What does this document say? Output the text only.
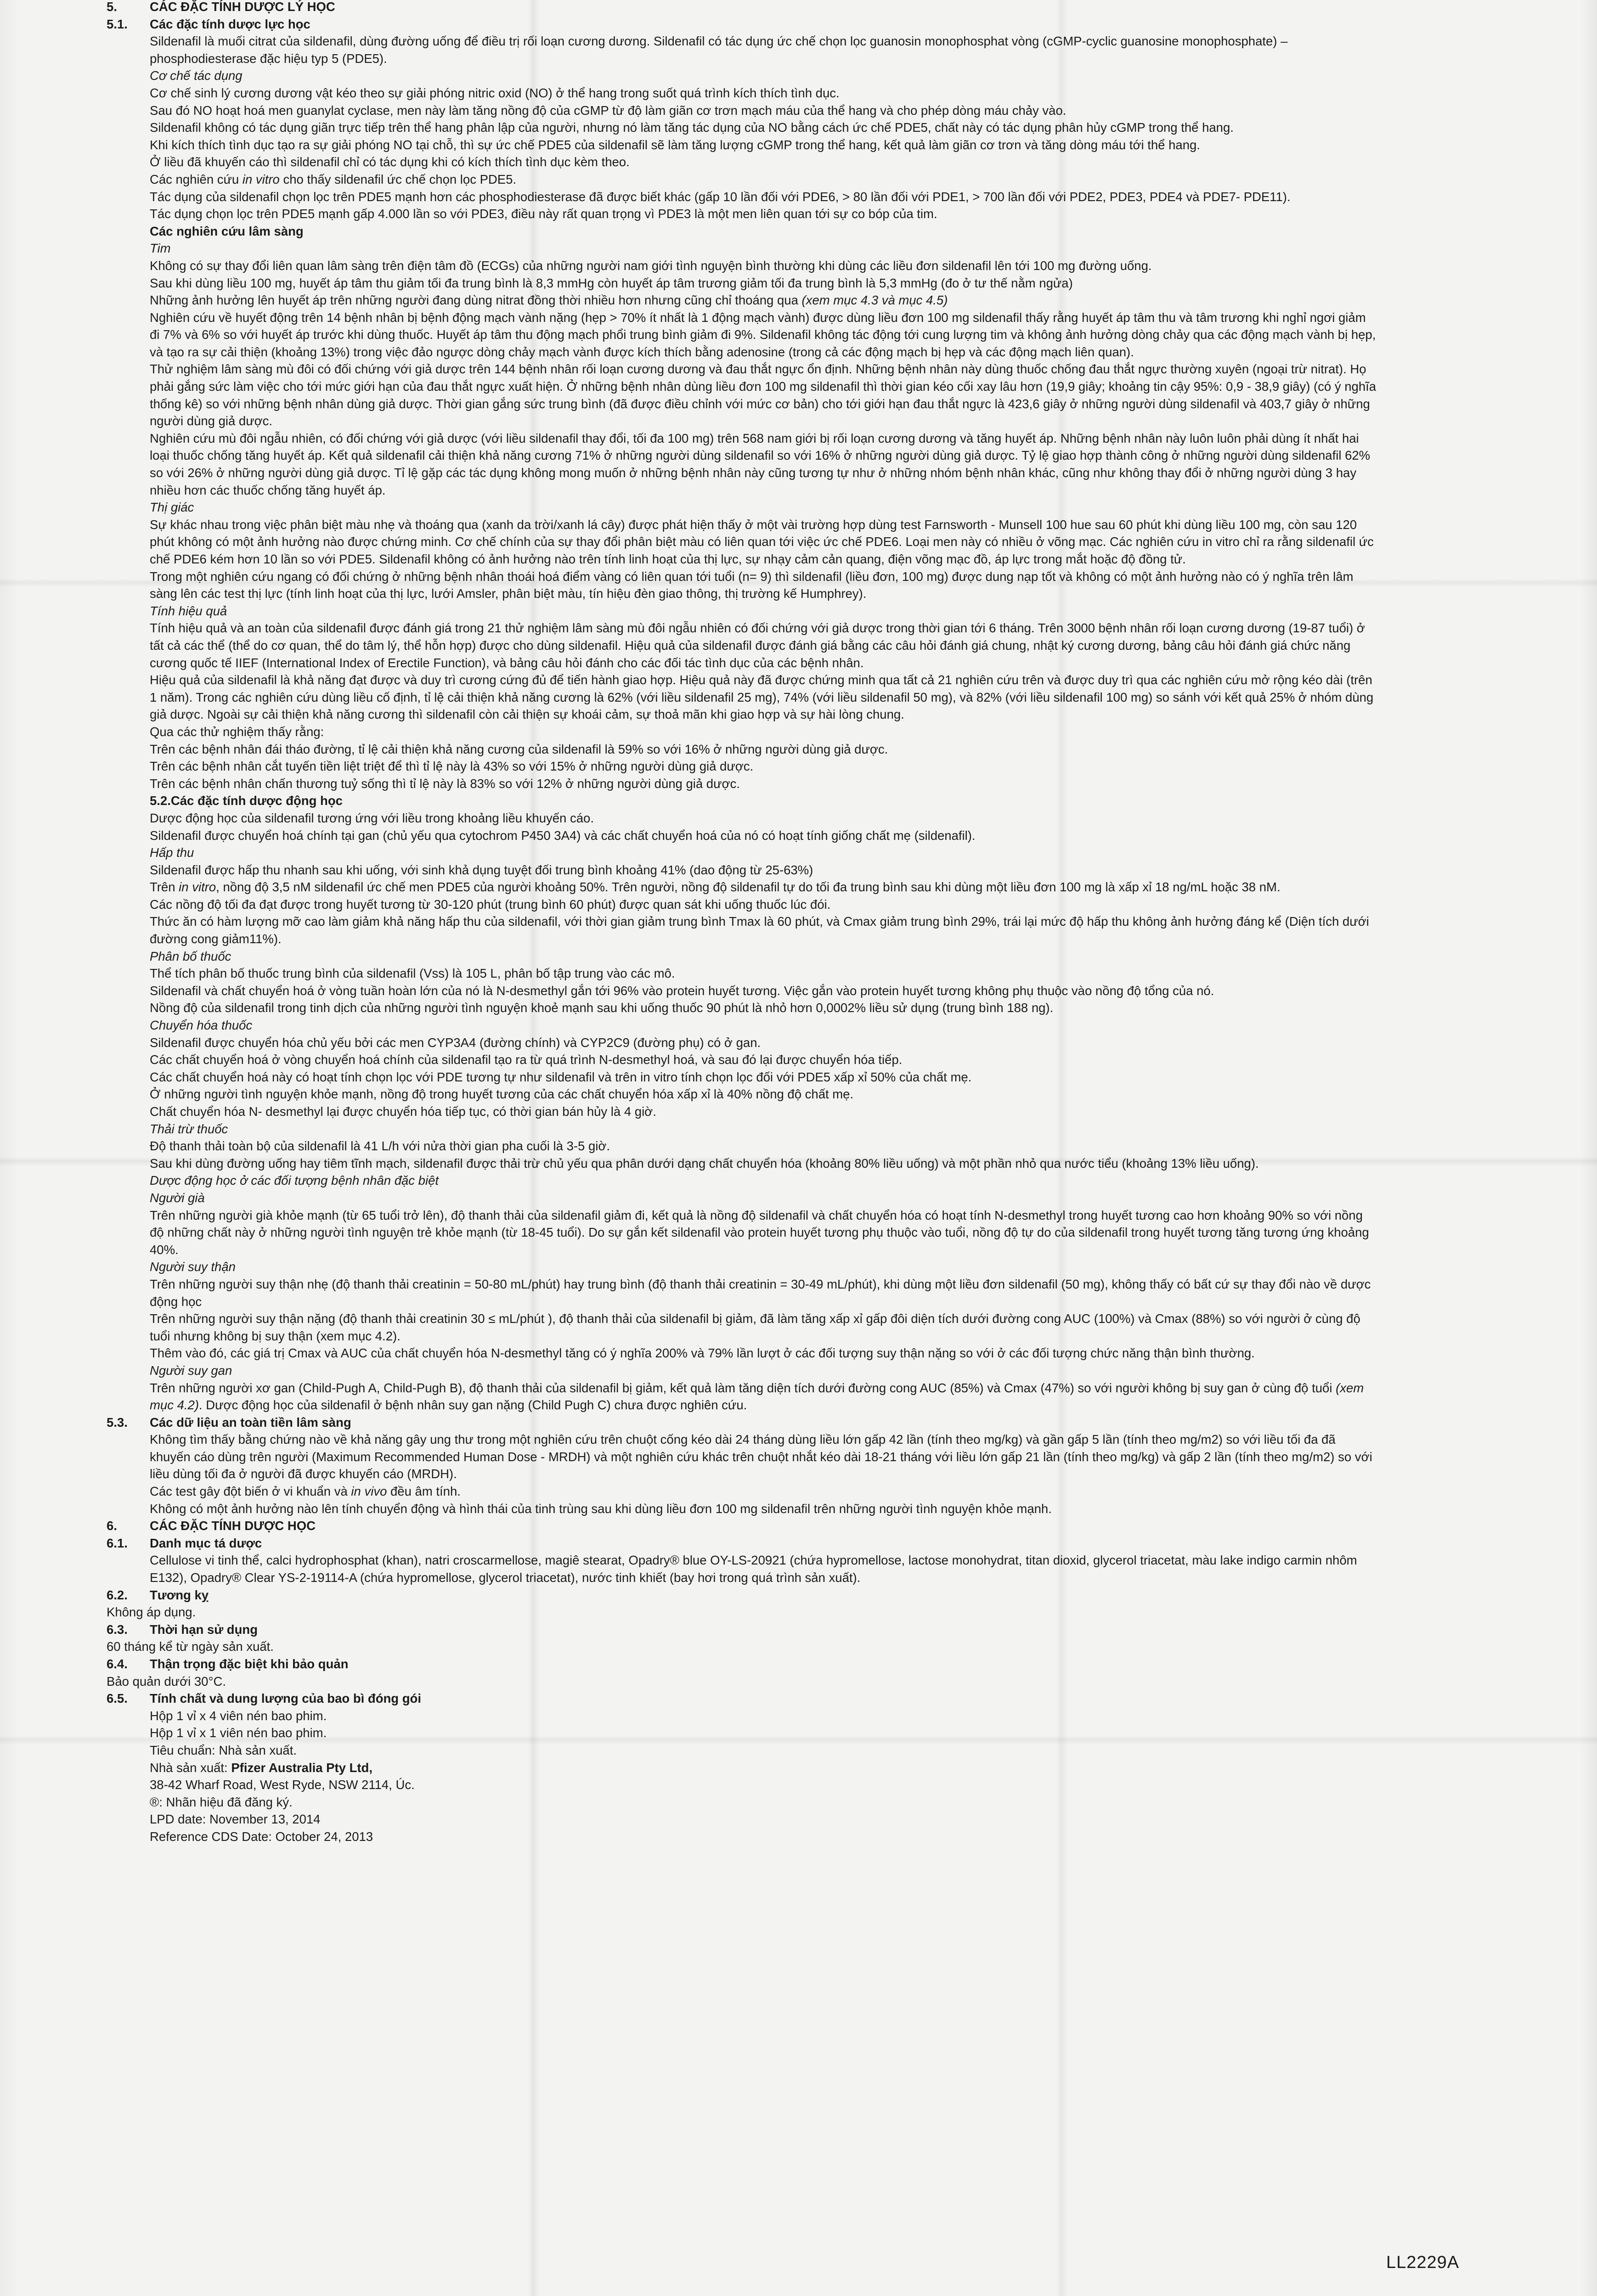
5.	CÁC ĐẶC TÍNH DƯỢC LÝ HỌC

5.1.	Các đặc tính dược lực học

Sildenafil là muối citrat của sildenafil, dùng đường uống để điều trị rối loạn cương dương. Sildenafil có tác dụng ức chế chọn lọc guanosin monophosphat vòng (cGMP-cyclic guanosine monophosphate) –

phosphodiesterase đặc hiệu typ 5 (PDE5).

Cơ chế tác dụng

Cơ chế sinh lý cương dương vật kéo theo sự giải phóng nitric oxid (NO) ở thể hang trong suốt quá trình kích thích tình dục.

Sau đó NO hoạt hoá men guanylat cyclase, men này làm tăng nồng độ của cGMP từ độ làm giãn cơ trơn mạch máu của thể hang và cho phép dòng máu chảy vào.

Sildenafil không có tác dụng giãn trực tiếp trên thể hang phân lập của người, nhưng nó làm tăng tác dụng của NO bằng cách ức chế PDE5, chất này có tác dụng phân hủy cGMP trong thể hang.

Khi kích thích tình dục tạo ra sự giải phóng NO tại chỗ, thì sự ức chế PDE5 của sildenafil sẽ làm tăng lượng cGMP trong thể hang, kết quả làm giãn cơ trơn và tăng dòng máu tới thể hang.

Ở liều đã khuyến cáo thì sildenafil chỉ có tác dụng khi có kích thích tình dục kèm theo.

Các nghiên cứu in vitro cho thấy sildenafil ức chế chọn lọc PDE5.

Tác dụng của sildenafil chọn lọc trên PDE5 mạnh hơn các phosphodiesterase đã được biết khác (gấp 10 lần đối với PDE6, > 80 lần đối với PDE1, > 700 lần đối với PDE2, PDE3, PDE4 và PDE7- PDE11).

Tác dụng chọn lọc trên PDE5 mạnh gấp 4.000 lần so với PDE3, điều này rất quan trọng vì PDE3 là một men liên quan tới sự co bóp của tim.

Các nghiên cứu lâm sàng

Tim

Không có sự thay đổi liên quan lâm sàng trên điện tâm đồ (ECGs) của những người nam giới tình nguyện bình thường khi dùng các liều đơn sildenafil lên tới 100 mg đường uống.

Sau khi dùng liều 100 mg, huyết áp tâm thu giảm tối đa trung bình là 8,3 mmHg còn huyết áp tâm trương giảm tối đa trung bình là 5,3 mmHg (đo ở tư thế nằm ngửa)

Những ảnh hưởng lên huyết áp trên những người đang dùng nitrat đồng thời nhiều hơn nhưng cũng chỉ thoáng qua (xem mục 4.3 và mục 4.5)

Nghiên cứu về huyết động trên 14 bệnh nhân bị bệnh động mạch vành nặng (hẹp > 70% ít nhất là 1 động mạch vành) được dùng liều đơn 100 mg sildenafil thấy rằng huyết áp tâm thu và tâm trương khi nghỉ ngơi giảm

đi 7% và 6% so với huyết áp trước khi dùng thuốc. Huyết áp tâm thu động mạch phổi trung bình giảm đi 9%. Sildenafil không tác động tới cung lượng tim và không ảnh hưởng dòng chảy qua các động mạch vành bị hẹp,

và tạo ra sự cải thiện (khoảng 13%) trong việc đảo ngược dòng chảy mạch vành được kích thích bằng adenosine (trong cả các động mạch bị hẹp và các động mạch liên quan).

Thử nghiệm lâm sàng mù đôi có đối chứng với giả dược trên 144 bệnh nhân rối loạn cương dương và đau thắt ngực ổn định. Những bệnh nhân này dùng thuốc chống đau thắt ngực thường xuyên (ngoại trừ nitrat). Họ

phải gắng sức làm việc cho tới mức giới hạn của đau thắt ngực xuất hiện. Ở những bệnh nhân dùng liều đơn 100 mg sildenafil thì thời gian kéo cối xay lâu hơn (19,9 giây; khoảng tin cậy 95%: 0,9 - 38,9 giây) (có ý nghĩa

thống kê) so với những bệnh nhân dùng giả dược. Thời gian gắng sức trung bình (đã được điều chỉnh với mức cơ bản) cho tới giới hạn đau thắt ngực là 423,6 giây ở những người dùng sildenafil và 403,7 giây ở những

người dùng giả dược.

Nghiên cứu mù đôi ngẫu nhiên, có đối chứng với giả dược (với liều sildenafil thay đổi, tối đa 100 mg) trên 568 nam giới bị rối loạn cương dương và tăng huyết áp. Những bệnh nhân này luôn luôn phải dùng ít nhất hai

loại thuốc chống tăng huyết áp. Kết quả sildenafil cải thiện khả năng cương 71% ở những người dùng sildenafil so với 16% ở những người dùng giả dược. Tỷ lệ giao hợp thành công ở những người dùng sildenafil 62%

so với 26% ở những người dùng giả dược. Tỉ lệ gặp các tác dụng không mong muốn ở những bệnh nhân này cũng tương tự như ở những nhóm bệnh nhân khác, cũng như không thay đổi ở những người dùng 3 hay

nhiều hơn các thuốc chống tăng huyết áp.

Thị giác

Sự khác nhau trong việc phân biệt màu nhẹ và thoáng qua (xanh da trời/xanh lá cây) được phát hiện thấy ở một vài trường hợp dùng test Farnsworth - Munsell 100 hue sau 60 phút khi dùng liều 100 mg, còn sau 120

phút không có một ảnh hưởng nào được chứng minh. Cơ chế chính của sự thay đổi phân biệt màu có liên quan tới việc ức chế PDE6. Loại men này có nhiều ở võng mạc. Các nghiên cứu in vitro chỉ ra rằng sildenafil ức

chế PDE6 kém hơn 10 lần so với PDE5. Sildenafil không có ảnh hưởng nào trên tính linh hoạt của thị lực, sự nhạy cảm cản quang, điện võng mạc đồ, áp lực trong mắt hoặc độ đồng tử.

Trong một nghiên cứu ngang có đối chứng ở những bệnh nhân thoái hoá điểm vàng có liên quan tới tuổi (n= 9) thì sildenafil (liều đơn, 100 mg) được dung nạp tốt và không có một ảnh hưởng nào có ý nghĩa trên lâm

sàng lên các test thị lực (tính linh hoạt của thị lực, lưới Amsler, phân biệt màu, tín hiệu đèn giao thông, thị trường kế Humphrey).

Tính hiệu quả

Tính hiệu quả và an toàn của sildenafil được đánh giá trong 21 thử nghiệm lâm sàng mù đôi ngẫu nhiên có đối chứng với giả dược trong thời gian tới 6 tháng. Trên 3000 bệnh nhân rối loạn cương dương (19-87 tuổi) ở

tất cả các thể (thể do cơ quan, thể do tâm lý, thể hỗn hợp) được cho dùng sildenafil. Hiệu quả của sildenafil được đánh giá bằng các câu hỏi đánh giá chung, nhật ký cương dương, bảng câu hỏi đánh giá chức năng

cương quốc tế IIEF (International Index of Erectile Function), và bảng câu hỏi đánh cho các đối tác tình dục của các bệnh nhân.

Hiệu quả của sildenafil là khả năng đạt được và duy trì cương cứng đủ để tiến hành giao hợp. Hiệu quả này đã được chứng minh qua tất cả 21 nghiên cứu trên và được duy trì qua các nghiên cứu mở rộng kéo dài (trên

1 năm). Trong các nghiên cứu dùng liều cố định, tỉ lệ cải thiện khả năng cương là 62% (với liều sildenafil 25 mg), 74% (với liều sildenafil 50 mg), và 82% (với liều sildenafil 100 mg) so sánh với kết quả 25% ở nhóm dùng

giả dược. Ngoài sự cải thiện khả năng cương thì sildenafil còn cải thiện sự khoái cảm, sự thoả mãn khi giao hợp và sự hài lòng chung.

Qua các thử nghiệm thấy rằng:

Trên các bệnh nhân đái tháo đường, tỉ lệ cải thiện khả năng cương của sildenafil là 59% so với 16% ở những người dùng giả dược.

Trên các bệnh nhân cắt tuyến tiền liệt triệt để thì tỉ lệ này là 43% so với 15% ở những người dùng giả dược.

Trên các bệnh nhân chấn thương tuỷ sống thì tỉ lệ này là 83% so với 12% ở những người dùng giả dược.

5.2.Các đặc tính dược động học

Dược động học của sildenafil tương ứng với liều trong khoảng liều khuyến cáo.

Sildenafil được chuyển hoá chính tại gan (chủ yếu qua cytochrom P450 3A4) và các chất chuyển hoá của nó có hoạt tính giống chất mẹ (sildenafil).

Hấp thu

Sildenafil được hấp thu nhanh sau khi uống, với sinh khả dụng tuyệt đối trung bình khoảng 41% (dao động từ 25-63%)

Trên in vitro, nồng độ 3,5 nM sildenafil ức chế men PDE5 của người khoảng 50%. Trên người, nồng độ sildenafil tự do tối đa trung bình sau khi dùng một liều đơn 100 mg là xấp xỉ 18 ng/mL hoặc 38 nM.

Các nồng độ tối đa đạt được trong huyết tương từ 30-120 phút (trung bình 60 phút) được quan sát khi uống thuốc lúc đói.

Thức ăn có hàm lượng mỡ cao làm giảm khả năng hấp thu của sildenafil, với thời gian giảm trung bình Tmax là 60 phút, và Cmax giảm trung bình 29%, trái lại mức độ hấp thu không ảnh hưởng đáng kể (Diện tích dưới

đường cong giảm11%).

Phân bố thuốc

Thể tích phân bố thuốc trung bình của sildenafil (Vss) là 105 L, phân bố tập trung vào các mô.

Sildenafil và chất chuyển hoá ở vòng tuần hoàn lớn của nó là N-desmethyl gắn tới 96% vào protein huyết tương. Việc gắn vào protein huyết tương không phụ thuộc vào nồng độ tổng của nó.

Nồng độ của sildenafil trong tinh dịch của những người tình nguyện khoẻ mạnh sau khi uống thuốc 90 phút là nhỏ hơn 0,0002% liều sử dụng (trung bình 188 ng).

Chuyển hóa thuốc

Sildenafil được chuyển hóa chủ yếu bởi các men CYP3A4 (đường chính) và CYP2C9 (đường phụ) có ở gan.

Các chất chuyển hoá ở vòng chuyển hoá chính của sildenafil tạo ra từ quá trình N-desmethyl hoá, và sau đó lại được chuyển hóa tiếp.

Các chất chuyển hoá này có hoạt tính chọn lọc với PDE tương tự như sildenafil và trên in vitro tính chọn lọc đối với PDE5 xấp xỉ 50% của chất mẹ.

Ở những người tình nguyện khỏe mạnh, nồng độ trong huyết tương của các chất chuyển hóa xấp xỉ là 40% nồng độ chất mẹ.

Chất chuyển hóa N- desmethyl lại được chuyển hóa tiếp tục, có thời gian bán hủy là 4 giờ.

Thải trừ thuốc

Độ thanh thải toàn bộ của sildenafil là 41 L/h với nửa thời gian pha cuối là 3-5 giờ.

Sau khi dùng đường uống hay tiêm tĩnh mạch, sildenafil được thải trừ chủ yếu qua phân dưới dạng chất chuyển hóa (khoảng 80% liều uống) và một phần nhỏ qua nước tiểu (khoảng 13% liều uống).

Dược động học ở các đối tượng bệnh nhân đặc biệt

Người già

Trên những người già khỏe mạnh (từ 65 tuổi trở lên), độ thanh thải của sildenafil giảm đi, kết quả là nồng độ sildenafil và chất chuyển hóa có hoạt tính N-desmethyl trong huyết tương cao hơn khoảng 90% so với nồng

độ những chất này ở những người tình nguyện trẻ khỏe mạnh (từ 18-45 tuổi). Do sự gắn kết sildenafil vào protein huyết tương phụ thuộc vào tuổi, nồng độ tự do của sildenafil trong huyết tương tăng tương ứng khoảng

40%.

Người suy thận

Trên những người suy thận nhẹ (độ thanh thải creatinin = 50-80 mL/phút) hay trung bình (độ thanh thải creatinin = 30-49 mL/phút), khi dùng một liều đơn sildenafil (50 mg), không thấy có bất cứ sự thay đổi nào về dược

động học

Trên những người suy thận nặng (độ thanh thải creatinin 30 ≤ mL/phút ), độ thanh thải của sildenafil bị giảm, đã làm tăng xấp xỉ gấp đôi diện tích dưới đường cong AUC (100%) và Cmax (88%) so với người ở cùng độ

tuổi nhưng không bị suy thận (xem mục 4.2).

Thêm vào đó, các giá trị Cmax và AUC của chất chuyển hóa N-desmethyl tăng có ý nghĩa 200% và 79% lần lượt ở các đối tượng suy thận nặng so với ở các đối tượng chức năng thận bình thường.

Người suy gan

Trên những người xơ gan (Child-Pugh A, Child-Pugh B), độ thanh thải của sildenafil bị giảm, kết quả làm tăng diện tích dưới đường cong AUC (85%) và Cmax (47%) so với người không bị suy gan ở cùng độ tuổi (xem

mục 4.2). Dược động học của sildenafil ở bệnh nhân suy gan nặng (Child Pugh C) chưa được nghiên cứu.

5.3.	Các dữ liệu an toàn tiền lâm sàng

Không tìm thấy bằng chứng nào về khả năng gây ung thư trong một nghiên cứu trên chuột cống kéo dài 24 tháng dùng liều lớn gấp 42 lần (tính theo mg/kg) và gần gấp 5 lần (tính theo mg/m2) so với liều tối đa đã

khuyến cáo dùng trên người (Maximum Recommended Human Dose - MRDH) và một nghiên cứu khác trên chuột nhắt kéo dài 18-21 tháng với liều lớn gấp 21 lần (tính theo mg/kg) và gấp 2 lần (tính theo mg/m2) so với

liều dùng tối đa ở người đã được khuyến cáo (MRDH).

Các test gây đột biến ở vi khuẩn và in vivo đều âm tính.

Không có một ảnh hưởng nào lên tính chuyển động và hình thái của tinh trùng sau khi dùng liều đơn 100 mg sildenafil trên những người tình nguyện khỏe mạnh.

6.	CÁC ĐẶC TÍNH DƯỢC HỌC

6.1.	Danh mục tá dược

Cellulose vi tinh thể, calci hydrophosphat (khan), natri croscarmellose, magiê stearat, Opadry® blue OY-LS-20921 (chứa hypromellose, lactose monohydrat, titan dioxid, glycerol triacetat, màu lake indigo carmin nhôm

E132), Opadry® Clear YS-2-19114-A (chứa hypromellose, glycerol triacetat), nước tinh khiết (bay hơi trong quá trình sản xuất).

6.2.	Tương kỵ

Không áp dụng.

6.3.	Thời hạn sử dụng

60 tháng kể từ ngày sản xuất.

6.4.	Thận trọng đặc biệt khi bảo quản

Bảo quản dưới 30°C.

6.5.	Tính chất và dung lượng của bao bì đóng gói

Hộp 1 vỉ x 4 viên nén bao phim.

Hộp 1 vỉ x 1 viên nén bao phim.

Tiêu chuẩn: Nhà sản xuất.

Nhà sản xuất: Pfizer Australia Pty Ltd,

38-42 Wharf Road, West Ryde, NSW 2114, Úc.

®: Nhãn hiệu đã đăng ký.

LPD date: November 13, 2014

Reference CDS Date: October 24, 2013

LL2229A
